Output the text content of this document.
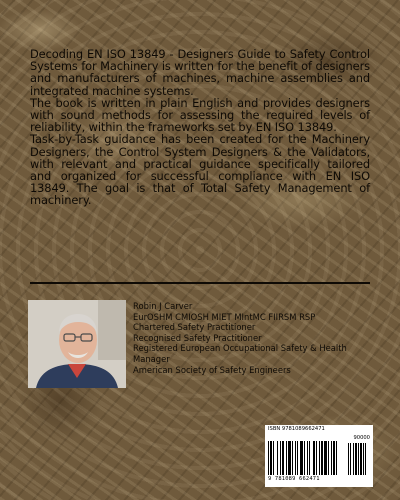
Decoding EN ISO 13849 - Designers Guide to Safety Control Systems for Machinery is written for the benefit of designers and manufacturers of machines, machine assemblies and integrated machine systems.

The book is written in plain English and provides designers with sound methods for assessing the required levels of reliability, within the frameworks set by EN ISO 13849.

Task-by-Task guidance has been created for the Machinery Designers, the Control System Designers & the Validators, with relevant and practical guidance specifically tailored and organized for successful compliance with EN ISO 13849. The goal is that of Total Safety Management of machinery.

Robin J Carver
EurOSHM CMIOSH MIET MIntMC FIIRSM RSP
Chartered Safety Practitioner
Recognised Safety Practitioner
Registered European Occupational Safety & Health Manager
American Society of Safety Engineers
ISBN 9781089662471
90000
9 781089 662471
